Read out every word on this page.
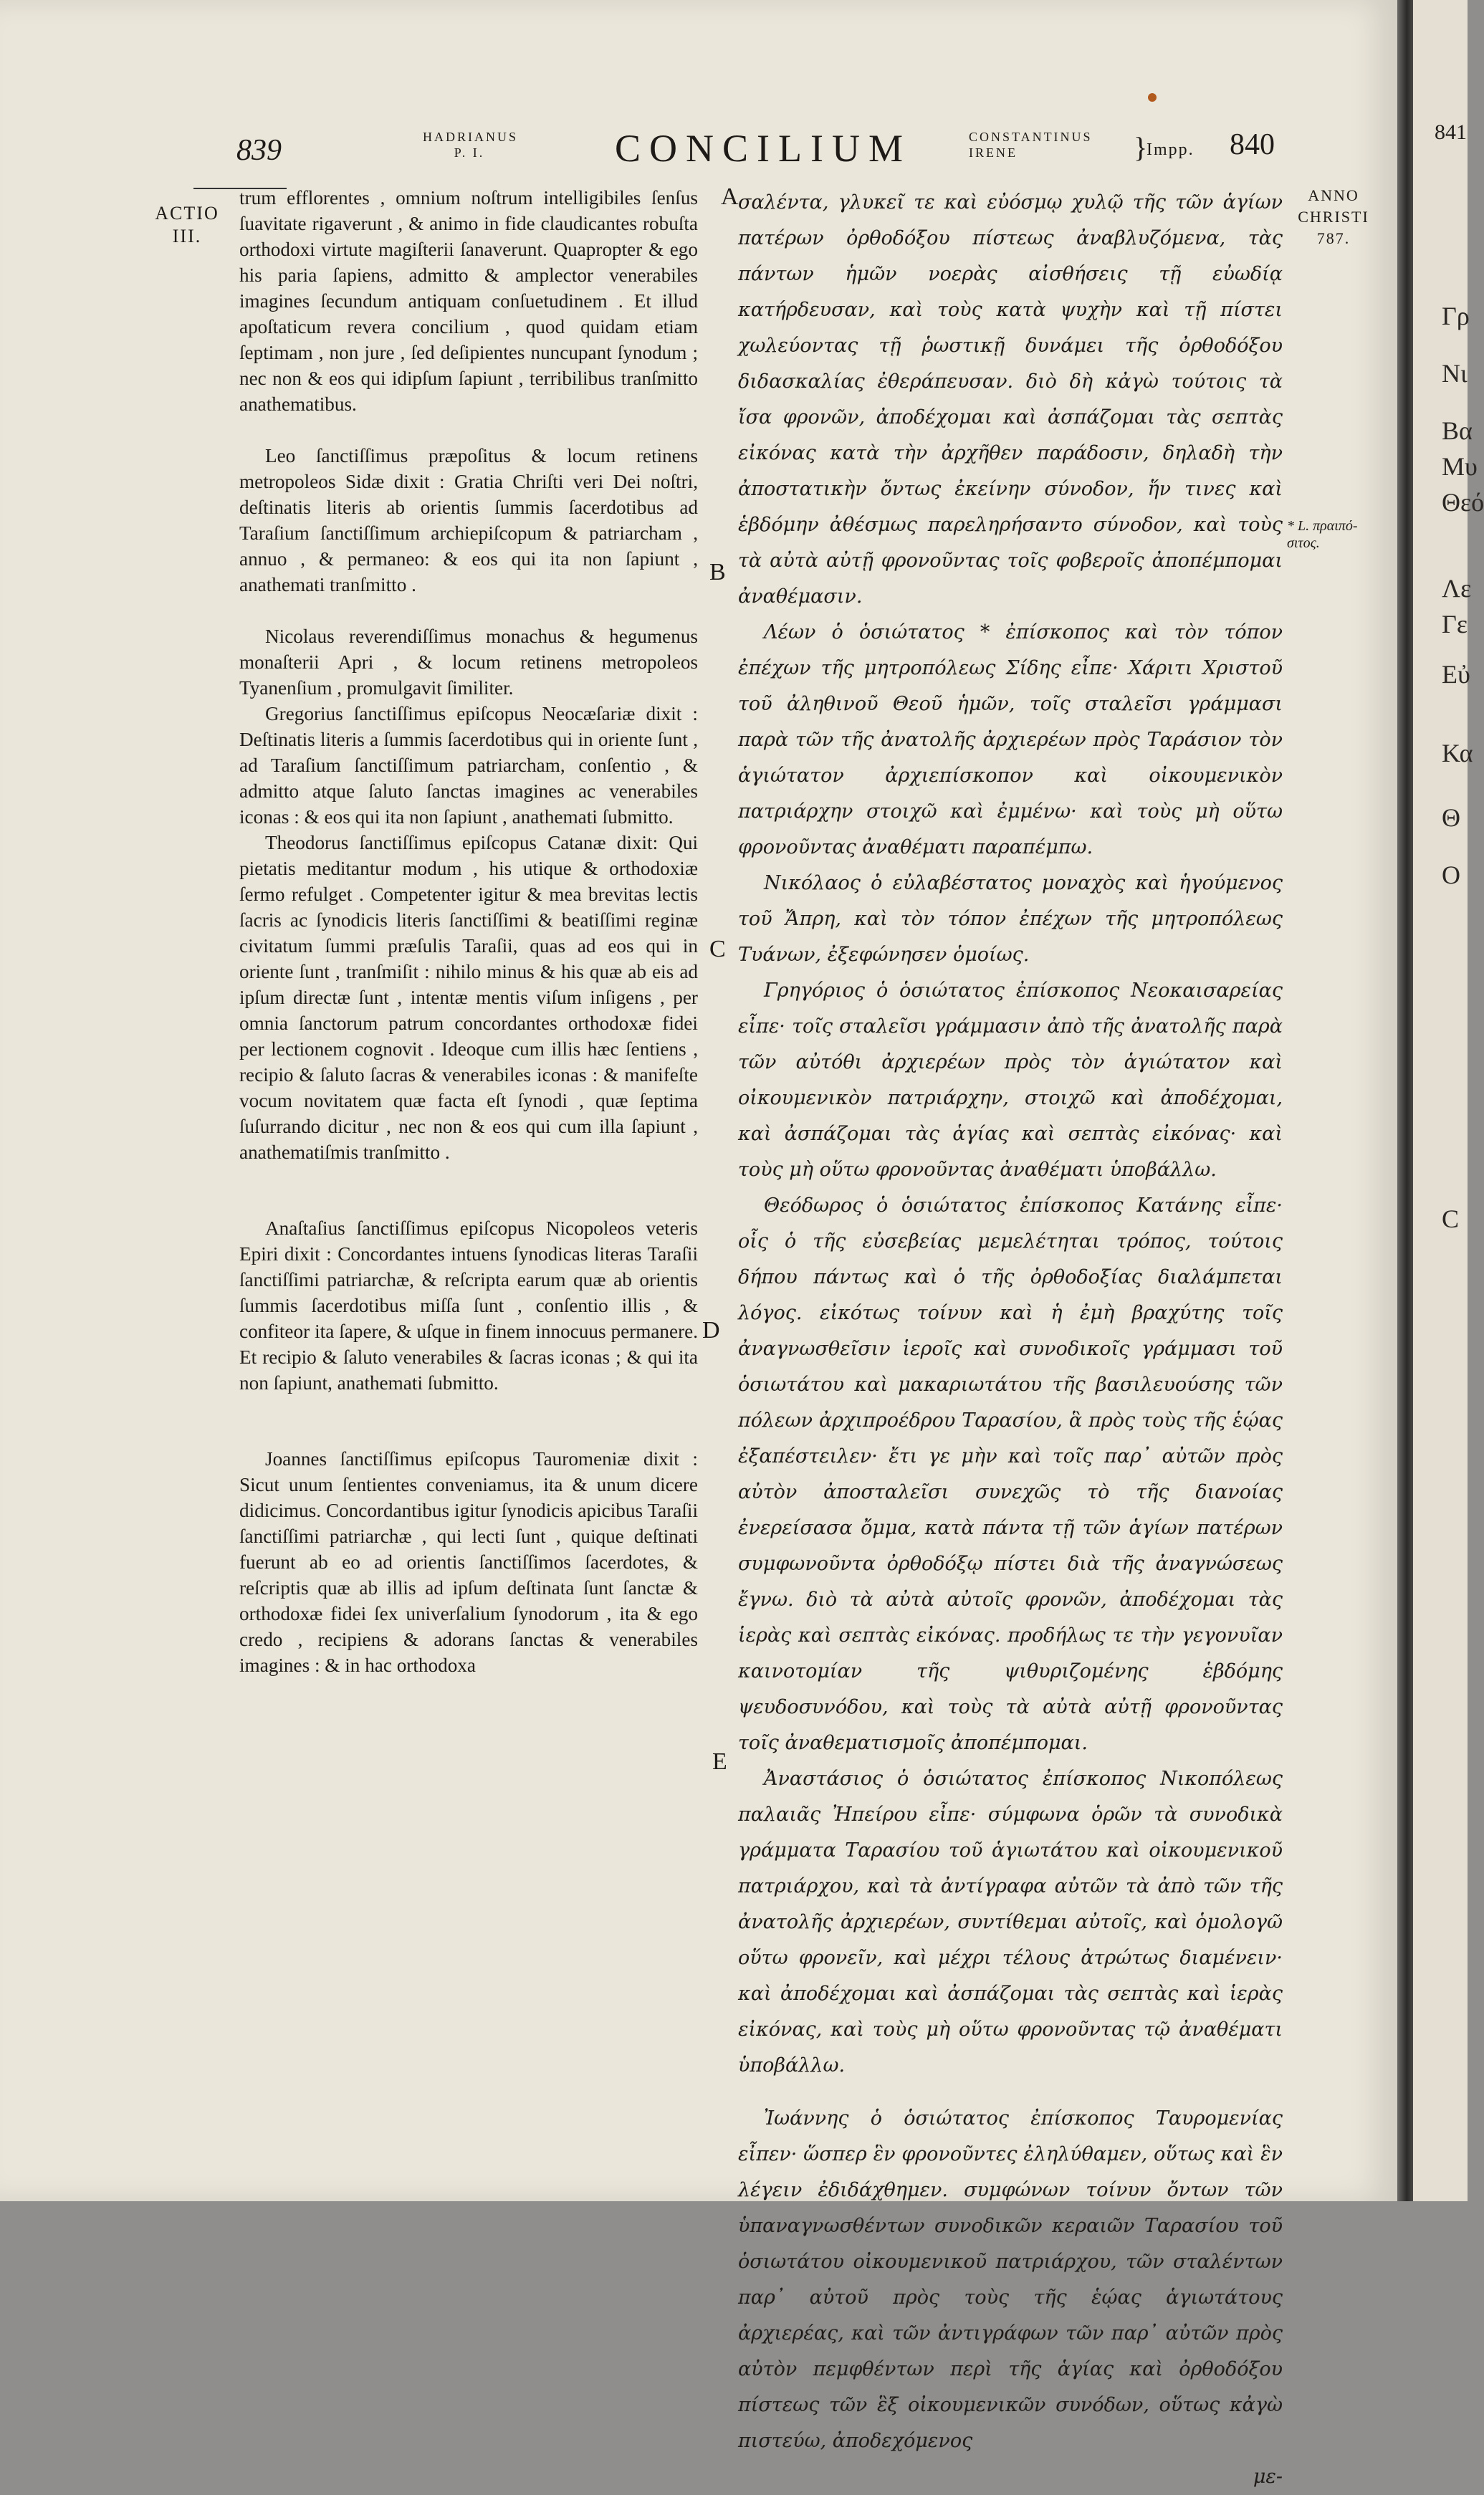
839	HADRIANUS
P. I.	CONCILIUM	CONSTANTINUS
IRENE	}
Impp. 840
ACTIO
III.
ANNO
CHRISTI
787.
* L. πραιπό-σιτος.
A
B
C
D
E

trum efflorentes , omnium noſtrum intelligibiles ſenſus ſuavitate rigaverunt , & animo in fide claudicantes robuſta orthodoxi virtute magiſterii ſanaverunt. Quapropter & ego his paria ſapiens, admitto & amplector venerabiles imagines ſecundum antiquam conſuetudinem . Et illud apoſtaticum revera concilium , quod quidam etiam ſeptimam , non jure , ſed deſipientes nuncupant ſynodum ; nec non & eos qui idipſum ſapiunt , terribilibus tranſmitto anathematibus.

Leo ſanctiſſimus præpoſitus & locum retinens metropoleos Sidæ dixit : Gratia Chriſti veri Dei noſtri, deſtinatis literis ab orientis ſummis ſacerdotibus ad Taraſium ſanctiſſimum archiepiſcopum & patriarcham , annuo , & permaneo: & eos qui ita non ſapiunt , anathemati tranſmitto .

Nicolaus reverendiſſimus monachus & hegumenus monaſterii Apri , & locum retinens metropoleos Tyanenſium , promulgavit ſimiliter.

Gregorius ſanctiſſimus epiſcopus Neocæſariæ dixit : Deſtinatis literis a ſummis ſacerdotibus qui in oriente ſunt , ad Taraſium ſanctiſſimum patriarcham, conſentio , & admitto atque ſaluto ſanctas imagines ac venerabiles iconas : & eos qui ita non ſapiunt , anathemati ſubmitto.

Theodorus ſanctiſſimus epiſcopus Catanæ dixit: Qui pietatis meditantur modum , his utique & orthodoxiæ ſermo refulget . Competenter igitur & mea brevitas lectis ſacris ac ſynodicis literis ſanctiſſimi & beatiſſimi reginæ civitatum ſummi præſulis Taraſii, quas ad eos qui in oriente ſunt , tranſmiſit : nihilo minus & his quæ ab eis ad ipſum directæ ſunt , intentæ mentis viſum inſigens , per omnia ſanctorum patrum concordantes orthodoxæ fidei per lectionem cognovit . Ideoque cum illis hæc ſentiens , recipio & ſaluto ſacras & venerabiles iconas : & manifeſte vocum novitatem quæ facta eſt ſynodi , quæ ſeptima ſuſurrando dicitur , nec non & eos qui cum illa ſapiunt , anathematiſmis tranſmitto .

Anaſtaſius ſanctiſſimus epiſcopus Nicopoleos veteris Epiri dixit : Concordantes intuens ſynodicas literas Taraſii ſanctiſſimi patriarchæ, & reſcripta earum quæ ab orientis ſummis ſacerdotibus miſſa ſunt , conſentio illis , & confiteor ita ſapere, & uſque in finem innocuus permanere. Et recipio & ſaluto venerabiles & ſacras iconas ; & qui ita non ſapiunt, anathemati ſubmitto.

Joannes ſanctiſſimus epiſcopus Tauromeniæ dixit : Sicut unum ſentientes conveniamus, ita & unum dicere didicimus. Concordantibus igitur ſynodicis apicibus Taraſii ſanctiſſimi patriarchæ , qui lecti ſunt , quique deſtinati fuerunt ab eo ad orientis ſanctiſſimos ſacerdotes, & reſcriptis quæ ab illis ad ipſum deſtinata ſunt ſanctæ & orthodoxæ fidei ſex univerſalium ſynodorum , ita & ego credo , recipiens & adorans ſanctas & venerabiles imagines : & in hac orthodoxa

σαλέντα, γλυκεῖ τε καὶ εὐόσμῳ χυλῷ τῆς τῶν ἁγίων πατέρων ὀρθοδόξου πίστεως ἀναβλυζόμενα, τὰς πάντων ἡμῶν νοερὰς αἰσθήσεις τῇ εὐωδίᾳ κατήρδευσαν, καὶ τοὺς κατὰ ψυχὴν καὶ τῇ πίστει χωλεύοντας τῇ ῥωστικῇ δυνάμει τῆς ὀρθοδόξου διδασκαλίας ἐθεράπευσαν. διὸ δὴ κἀγὼ τούτοις τὰ ἴσα φρονῶν, ἀποδέχομαι καὶ ἀσπάζομαι τὰς σεπτὰς εἰκόνας κατὰ τὴν ἀρχῆθεν παράδοσιν, δηλαδὴ τὴν ἀποστατικὴν ὄντως ἐκείνην σύνοδον, ἥν τινες καὶ ἑβδόμην ἀθέσμως παρεληρήσαντο σύνοδον, καὶ τοὺς τὰ αὐτὰ αὐτῇ φρονοῦντας τοῖς φοβεροῖς ἀποπέμπομαι ἀναθέμασιν.

Λέων ὁ ὁσιώτατος * ἐπίσκοπος καὶ τὸν τόπον ἐπέχων τῆς μητροπόλεως Σίδης εἶπε· Χάριτι Χριστοῦ τοῦ ἀληθινοῦ Θεοῦ ἡμῶν, τοῖς σταλεῖσι γράμμασι παρὰ τῶν τῆς ἀνατολῆς ἀρχιερέων πρὸς Ταράσιον τὸν ἁγιώτατον ἀρχιεπίσκοπον καὶ οἰκουμενικὸν πατριάρχην στοιχῶ καὶ ἐμμένω· καὶ τοὺς μὴ οὕτω φρονοῦντας ἀναθέματι παραπέμπω.

Νικόλαος ὁ εὐλαβέστατος μοναχὸς καὶ ἡγούμενος τοῦ Ἄπρη, καὶ τὸν τόπον ἐπέχων τῆς μητροπόλεως Τυάνων, ἐξεφώνησεν ὁμοίως.

Γρηγόριος ὁ ὁσιώτατος ἐπίσκοπος Νεοκαισαρείας εἶπε· τοῖς σταλεῖσι γράμμασιν ἀπὸ τῆς ἀνατολῆς παρὰ τῶν αὐτόθι ἀρχιερέων πρὸς τὸν ἁγιώτατον καὶ οἰκουμενικὸν πατριάρχην, στοιχῶ καὶ ἀποδέχομαι, καὶ ἀσπάζομαι τὰς ἁγίας καὶ σεπτὰς εἰκόνας· καὶ τοὺς μὴ οὕτω φρονοῦντας ἀναθέματι ὑποβάλλω.

Θεόδωρος ὁ ὁσιώτατος ἐπίσκοπος Κατάνης εἶπε· οἷς ὁ τῆς εὐσεβείας μεμελέτηται τρόπος, τούτοις δήπου πάντως καὶ ὁ τῆς ὀρθοδοξίας διαλάμπεται λόγος. εἰκότως τοίνυν καὶ ἡ ἐμὴ βραχύτης τοῖς ἀναγνωσθεῖσιν ἱεροῖς καὶ συνοδικοῖς γράμμασι τοῦ ὁσιωτάτου καὶ μακαριωτάτου τῆς βασιλευούσης τῶν πόλεων ἀρχιπροέδρου Ταρασίου, ἃ πρὸς τοὺς τῆς ἑῴας ἐξαπέστειλεν· ἔτι γε μὴν καὶ τοῖς παρ᾽ αὐτῶν πρὸς αὐτὸν ἀποσταλεῖσι συνεχῶς τὸ τῆς διανοίας ἐνερείσασα ὄμμα, κατὰ πάντα τῇ τῶν ἁγίων πατέρων συμφωνοῦντα ὀρθοδόξῳ πίστει διὰ τῆς ἀναγνώσεως ἔγνω. διὸ τὰ αὐτὰ αὐτοῖς φρονῶν, ἀποδέχομαι τὰς ἱερὰς καὶ σεπτὰς εἰκόνας. προδήλως τε τὴν γεγονυῖαν καινοτομίαν τῆς ψιθυριζομένης ἑβδόμης ψευδοσυνόδου, καὶ τοὺς τὰ αὐτὰ αὐτῇ φρονοῦντας τοῖς ἀναθεματισμοῖς ἀποπέμπομαι.

Ἀναστάσιος ὁ ὁσιώτατος ἐπίσκοπος Νικοπόλεως παλαιᾶς Ἠπείρου εἶπε· σύμφωνα ὁρῶν τὰ συνοδικὰ γράμματα Ταρασίου τοῦ ἁγιωτάτου καὶ οἰκουμενικοῦ πατριάρχου, καὶ τὰ ἀντίγραφα αὐτῶν τὰ ἀπὸ τῶν τῆς ἀνατολῆς ἀρχιερέων, συντίθεμαι αὐτοῖς, καὶ ὁμολογῶ οὕτω φρονεῖν, καὶ μέχρι τέλους ἀτρώτως διαμένειν· καὶ ἀποδέχομαι καὶ ἀσπάζομαι τὰς σεπτὰς καὶ ἱερὰς εἰκόνας, καὶ τοὺς μὴ οὕτω φρονοῦντας τῷ ἀναθέματι ὑποβάλλω.

Ἰωάννης ὁ ὁσιώτατος ἐπίσκοπος Ταυρομενίας εἶπεν· ὥσπερ ἓν φρονοῦντες ἐληλύθαμεν, οὕτως καὶ ἓν λέγειν ἐδιδάχθημεν. συμφώνων τοίνυν ὄντων τῶν ὑπαναγνωσθέντων συνοδικῶν κεραιῶν Ταρασίου τοῦ ὁσιωτάτου οἰκουμενικοῦ πατριάρχου, τῶν σταλέντων παρ᾽ αὐτοῦ πρὸς τοὺς τῆς ἑῴας ἁγιωτάτους ἀρχιερέας, καὶ τῶν ἀντιγράφων τῶν παρ᾽ αὐτῶν πρὸς αὐτὸν πεμφθέντων περὶ τῆς ἁγίας καὶ ὀρθοδόξου πίστεως τῶν ἓξ οἰκουμενικῶν συνόδων, οὕτως κἀγὼ πιστεύω, ἀποδεχόμενος

με-

841
Γρ
Νι
Βα
Μυ
Θεό
Λε
Γε
Εὐ
Κα
Θ
Ο
C
